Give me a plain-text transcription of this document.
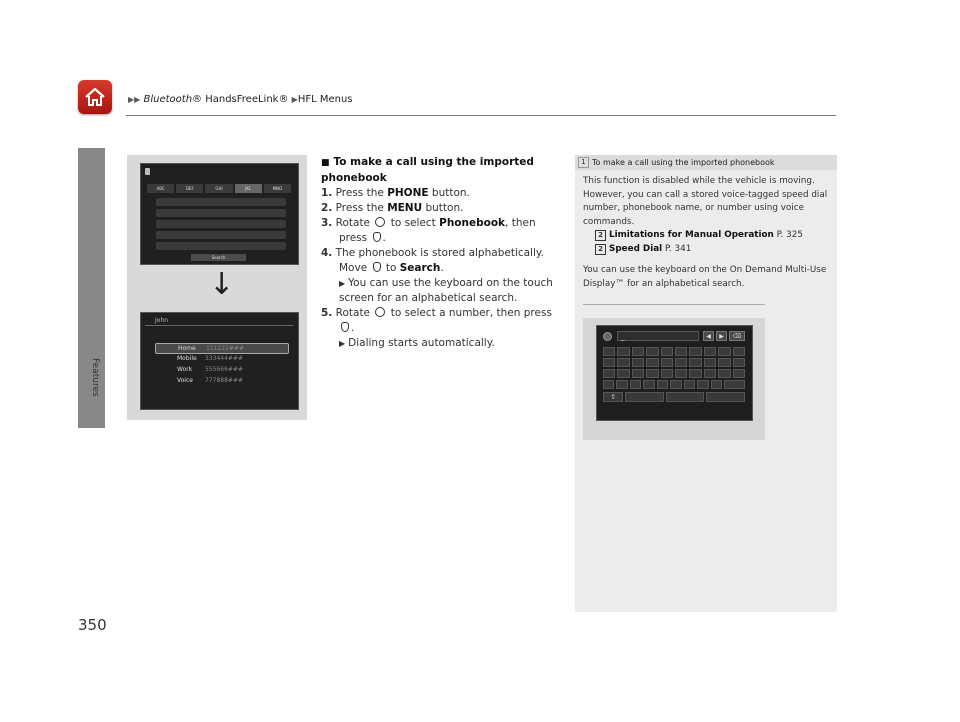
▶▶ Bluetooth® HandsFreeLink® ▶HFL Menus
Features
350
ABC	DEF	GHI	JKL	MNO
Search
↓
John
Home 111222###
Mobile 333444###
Work 555666###
Voice 777888###
■ To make a call using the imported phonebook

1. Press the PHONE button.

2. Press the MENU button.

3. Rotate  to select Phonebook, then

press .

4. The phonebook is stored alphabetically.

Move  to Search.

▶ You can use the keyboard on the touch screen for an alphabetical search.

5. Rotate  to select a number, then press

.

▶ Dialing starts automatically.

1 To make a call using the imported phonebook
This function is disabled while the vehicle is moving. However, you can call a stored voice-tagged speed dial number, phonebook name, or number using voice commands.
2 Limitations for Manual Operation P. 325
2 Speed Dial P. 341
You can use the keyboard on the On Demand Multi-Use Display™ for an alphabetical search.
_	◀	▶	⌫
⇧
